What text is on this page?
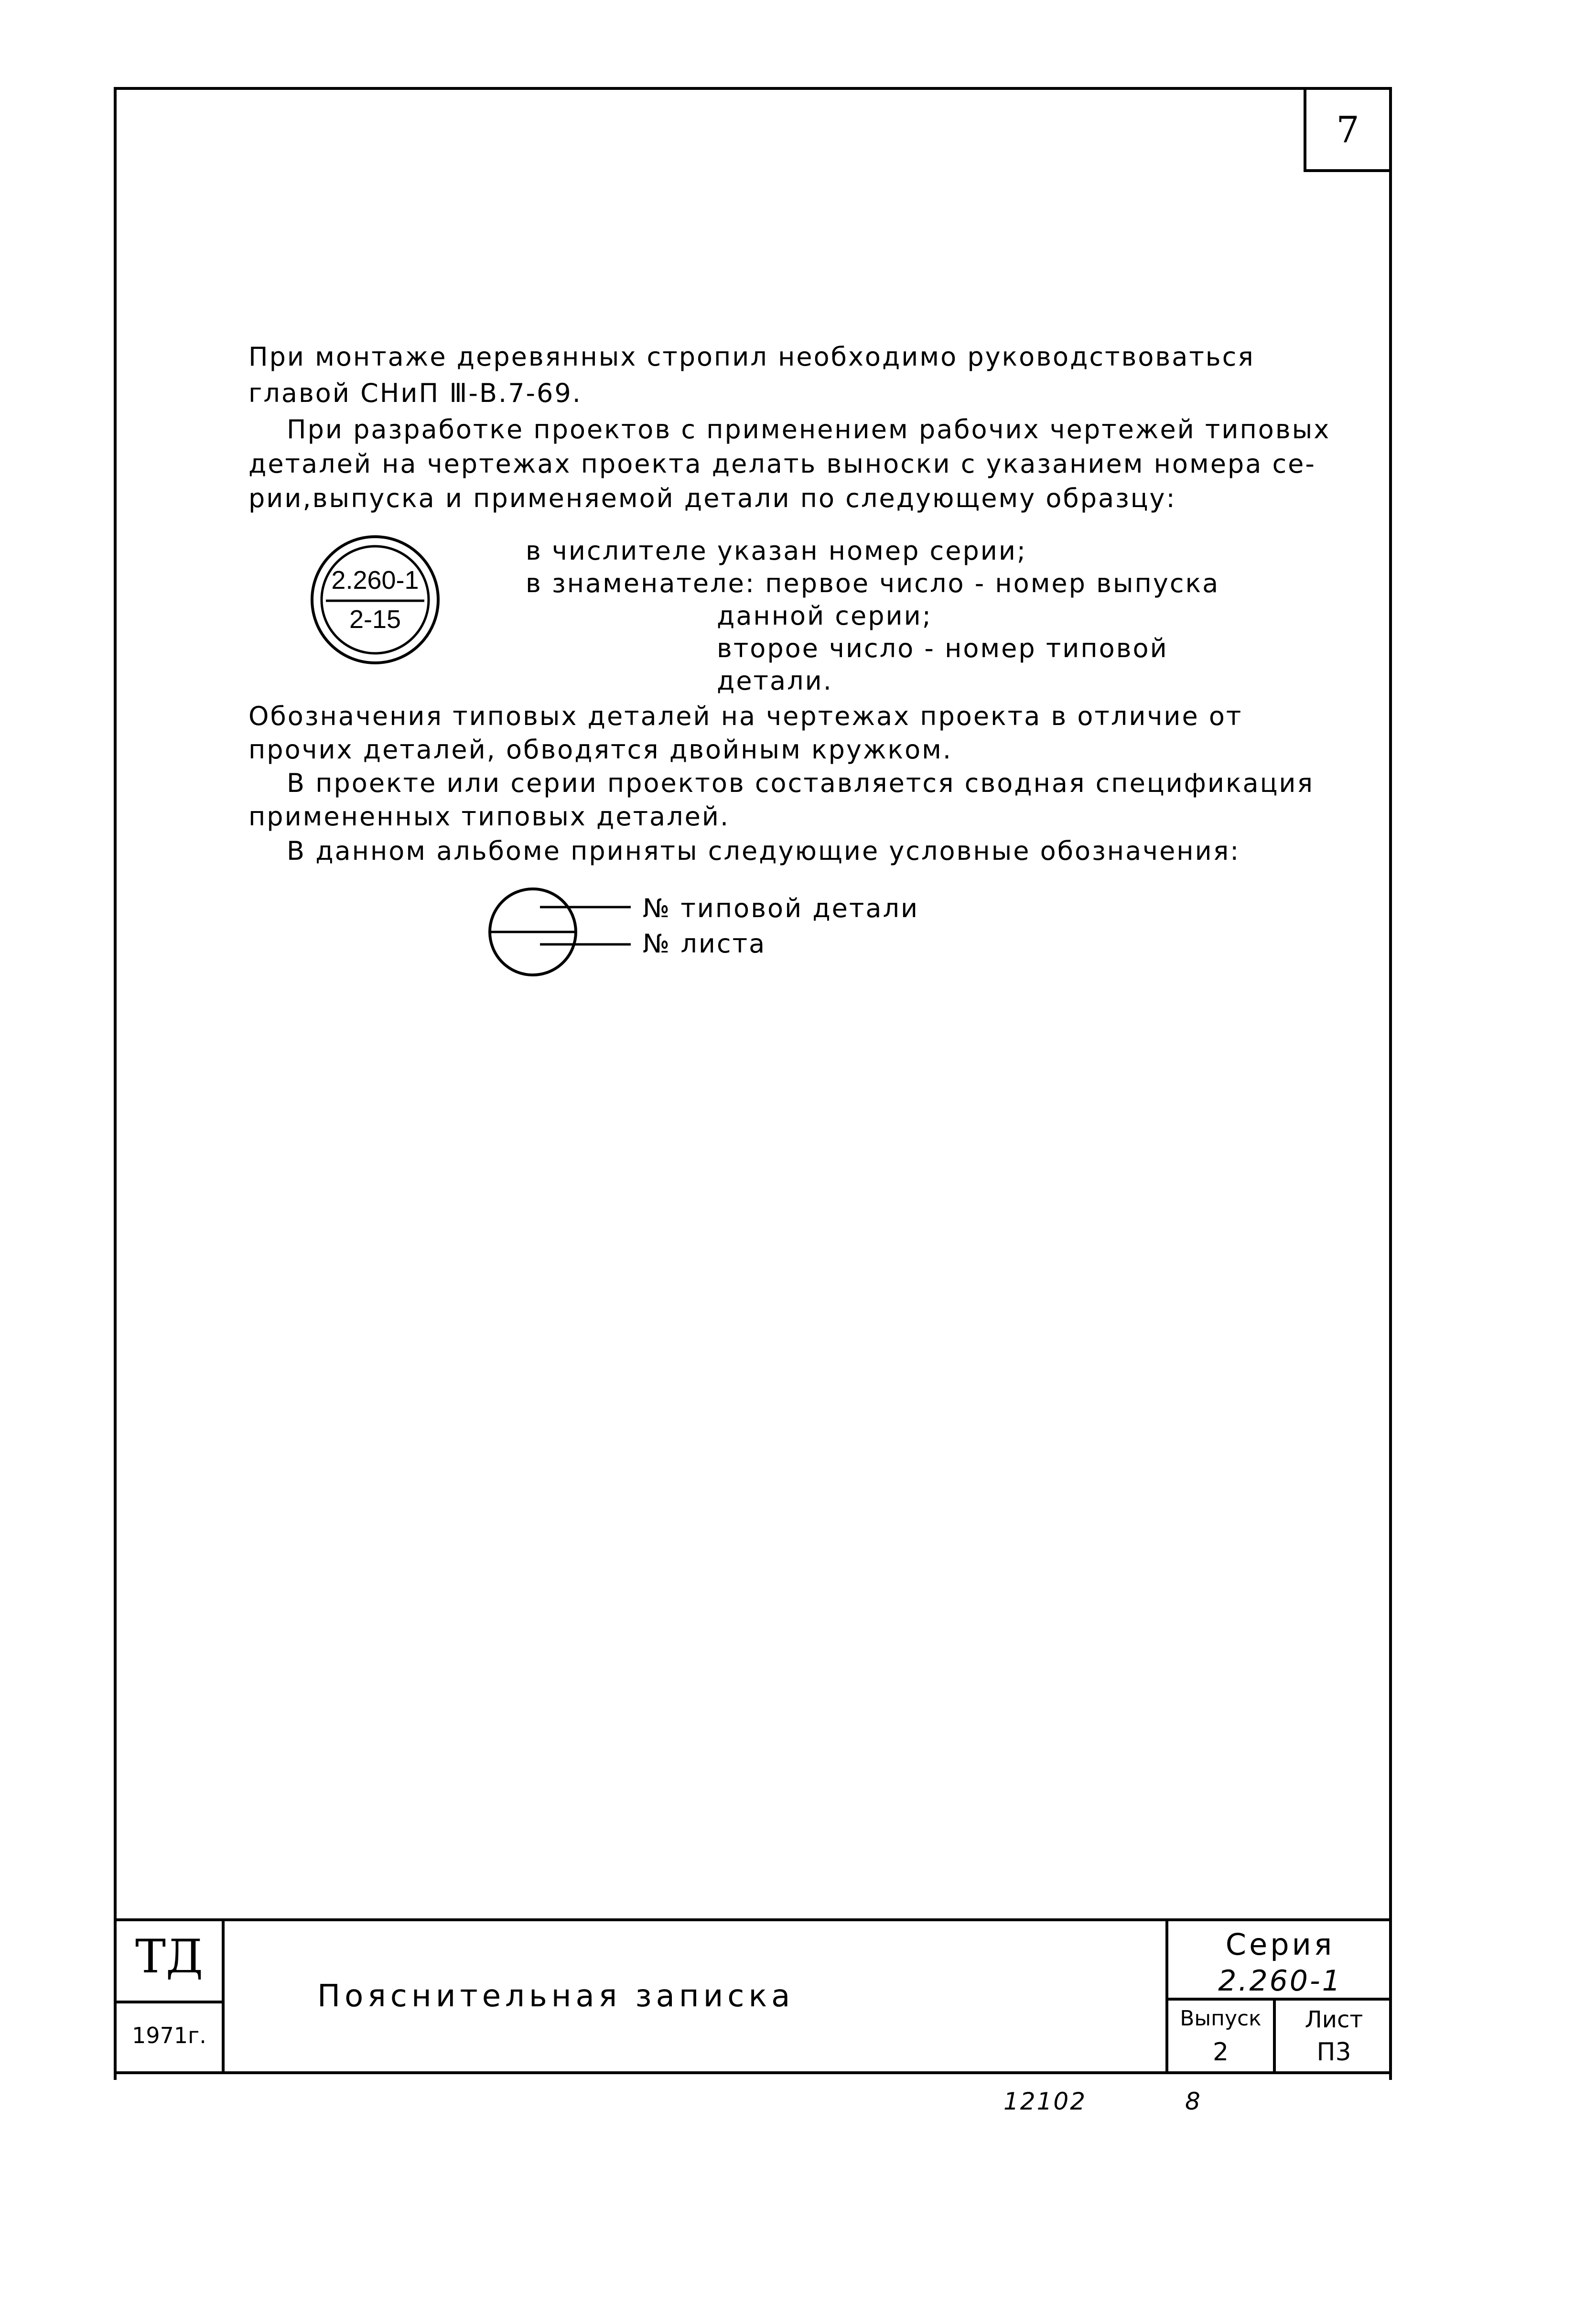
7
При монтаже деревянных стропил необходимо руководствоваться
главой СНиП Ⅲ-В.7-69.
При разработке проектов с применением рабочих чертежей типовых
деталей на чертежах проекта делать выноски с указанием номера се-
рии,выпуска и применяемой детали по следующему образцу:
2.260-1
2-15
в числителе указан номер серии;
в знаменателе: первое число - номер выпуска
данной серии;
второе число - номер типовой
детали.
Обозначения типовых деталей на чертежах проекта в отличие от
прочих деталей, обводятся двойным кружком.
В проекте или серии проектов составляется сводная спецификация
примененных типовых деталей.
В данном альбоме приняты следующие условные обозначения:
№ типовой детали
№ листа
ТД
1971г.
Пояснительная записка
Серия
2.260-1
Выпуск
2
Лист
П3
12102	8
